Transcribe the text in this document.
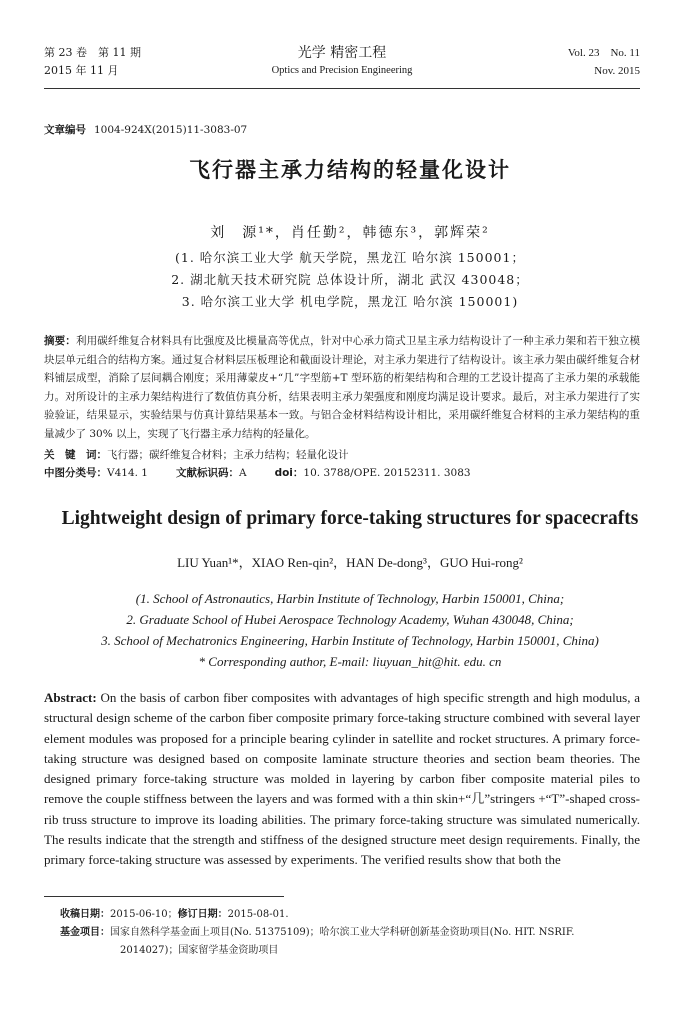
第 23 卷　第 11 期
2015 年 11 月
光学 精密工程
Optics and Precision Engineering
Vol. 23　No. 11
Nov. 2015
文章编号 1004-924X(2015)11-3083-07
飞行器主承力结构的轻量化设计
刘　源¹*，肖任勤²，韩德东³，郭辉荣²
(1. 哈尔滨工业大学 航天学院，黑龙江 哈尔滨 150001；
2. 湖北航天技术研究院 总体设计所，湖北 武汉 430048；
3. 哈尔滨工业大学 机电学院，黑龙江 哈尔滨 150001)
摘要：利用碳纤维复合材料具有比强度及比模量高等优点，针对中心承力筒式卫星主承力结构设计了一种主承力架和若干独立模块层单元组合的结构方案。通过复合材料层压板理论和截面设计理论，对主承力架进行了结构设计。该主承力架由碳纤维复合材料铺层成型，消除了层间耦合刚度；采用薄蒙皮+“几”字型筋+T 型环筋的桁架结构和合理的工艺设计提高了主承力架的承载能力。对所设计的主承力架结构进行了数值仿真分析，结果表明主承力架强度和刚度均满足设计要求。最后，对主承力架进行了实验验证，结果显示，实验结果与仿真计算结果基本一致。与铝合金材料结构设计相比，采用碳纤维复合材料的主承力架结构的重量减少了 30% 以上，实现了飞行器主承力结构的轻量化。
关　键　词：飞行器；碳纤维复合材料；主承力结构；轻量化设计
中图分类号：V414. 1	文献标识码：A	doi：10. 3788/OPE. 20152311. 3083
Lightweight design of primary force-taking structures for spacecrafts
LIU Yuan¹*，XIAO Ren-qin²，HAN De-dong³，GUO Hui-rong²
(1. School of Astronautics, Harbin Institute of Technology, Harbin 150001, China;
2. Graduate School of Hubei Aerospace Technology Academy, Wuhan 430048, China;
3. School of Mechatronics Engineering, Harbin Institute of Technology, Harbin 150001, China)
* Corresponding author, E-mail: liuyuan_hit@hit. edu. cn
Abstract: On the basis of carbon fiber composites with advantages of high specific strength and high modulus, a structural design scheme of the carbon fiber composite primary force-taking structure combined with several layer element modules was proposed for a principle bearing cylinder in satellite and rocket structures. A primary force-taking structure was designed based on composite laminate structure theories and section beam theories. The designed primary force-taking structure was molded in layering by carbon fiber composite material piles to remove the couple stiffness between the layers and was formed with a thin skin+“几”stringers +“T”-shaped cross-rib truss structure to improve its loading abilities. The primary force-taking structure was simulated numerically. The results indicate that the strength and stiffness of the designed structure meet design requirements. Finally, the primary force-taking structure was assessed by experiments. The verified results show that both the
收稿日期：2015-06-10；修订日期：2015-08-01.
基金项目：国家自然科学基金面上项目(No. 51375109)；哈尔滨工业大学科研创新基金资助项目(No. HIT. NSRIF.
2014027)；国家留学基金资助项目
